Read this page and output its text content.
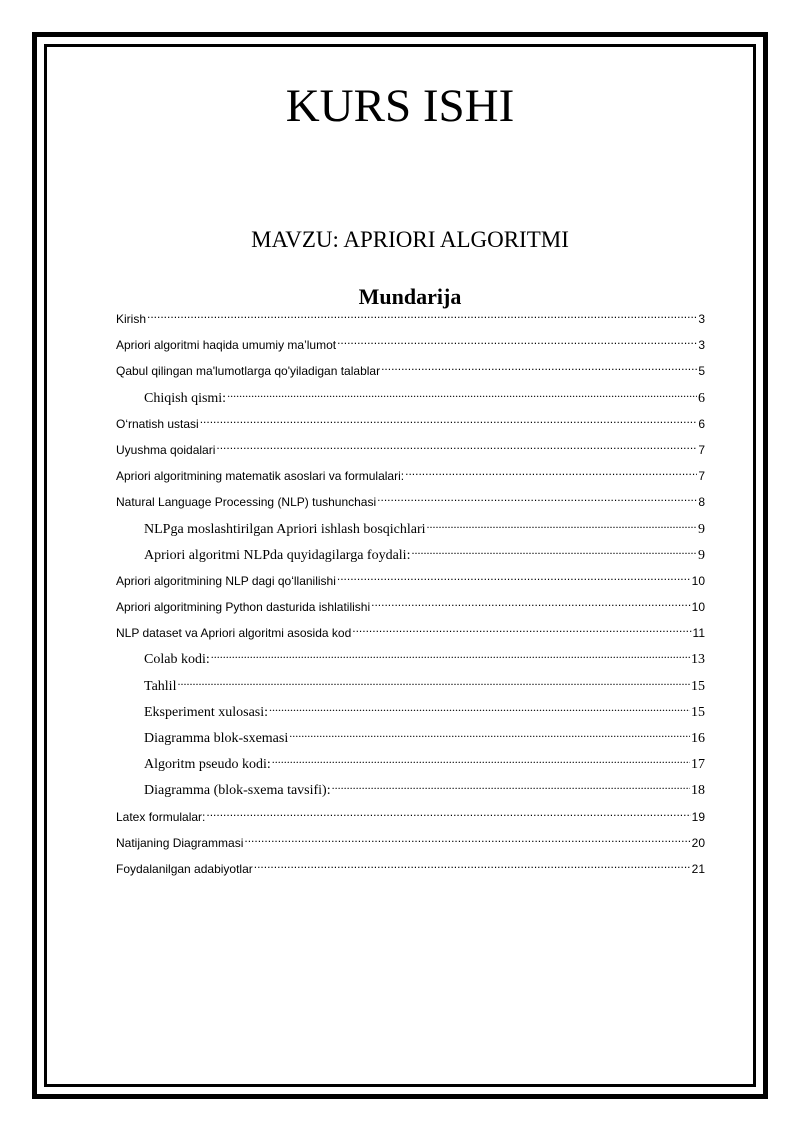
KURS ISHI
MAVZU: APRIORI ALGORITMI
Mundarija
Kirish .....	3
Apriori algoritmi haqida umumiy ma’lumot .....	3
Qabul qilingan ma'lumotlarga qo'yiladigan talablar .....	5
Chiqish qismi: .....	6
O‘rnatish ustasi .....	6
Uyushma qoidalari .....	7
Apriori algoritmining matematik asoslari va formulalari: .....	7
Natural Language Processing (NLP) tushunchasi .....	8
NLPga moslashtirilgan Apriori ishlash bosqichlari .....	9
Apriori algoritmi NLPda quyidagilarga foydali: .....	9
Apriori algoritmining NLP dagi qoʻllanilishi .....	10
Apriori algoritmining Python dasturida ishlatilishi .....	10
NLP dataset va Apriori algoritmi asosida kod .....	11
Colab kodi: .....	13
Tahlil .....	15
Eksperiment xulosasi: .....	15
Diagramma blok-sxemasi .....	16
Algoritm pseudo kodi: .....	17
Diagramma (blok-sxema tavsifi): .....	18
Latex formulalar: .....	19
Natijaning Diagrammasi .....	20
Foydalanilgan adabiyotlar .....	21
